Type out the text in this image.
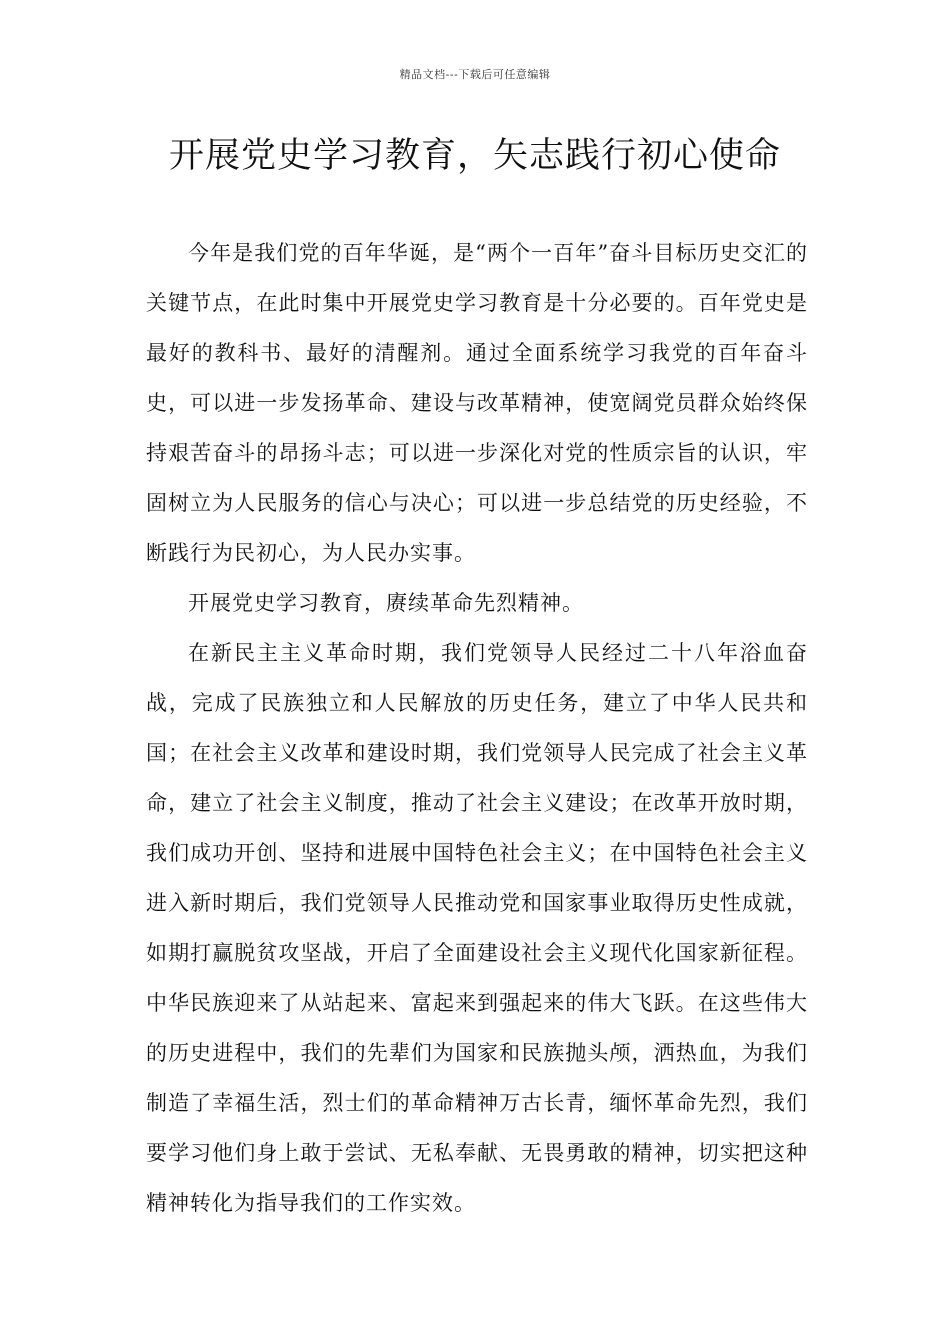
精品文档---下载后可任意编辑
开展党史学习教育，矢志践行初心使命

今年是我们党的百年华诞，是“两个一百年”奋斗目标历史交汇的关键节点，在此时集中开展党史学习教育是十分必要的。百年党史是最好的教科书、最好的清醒剂。通过全面系统学习我党的百年奋斗史，可以进一步发扬革命、建设与改革精神，使宽阔党员群众始终保持艰苦奋斗的昂扬斗志；可以进一步深化对党的性质宗旨的认识，牢固树立为人民服务的信心与决心；可以进一步总结党的历史经验，不断践行为民初心，为人民办实事。

开展党史学习教育，赓续革命先烈精神。

在新民主主义革命时期，我们党领导人民经过二十八年浴血奋战，完成了民族独立和人民解放的历史任务，建立了中华人民共和国；在社会主义改革和建设时期，我们党领导人民完成了社会主义革命，建立了社会主义制度，推动了社会主义建设；在改革开放时期，我们成功开创、坚持和进展中国特色社会主义；在中国特色社会主义进入新时期后，我们党领导人民推动党和国家事业取得历史性成就，如期打赢脱贫攻坚战，开启了全面建设社会主义现代化国家新征程。中华民族迎来了从站起来、富起来到强起来的伟大飞跃。在这些伟大的历史进程中，我们的先辈们为国家和民族抛头颅，洒热血，为我们制造了幸福生活，烈士们的革命精神万古长青，缅怀革命先烈，我们要学习他们身上敢于尝试、无私奉献、无畏勇敢的精神，切实把这种精神转化为指导我们的工作实效。
